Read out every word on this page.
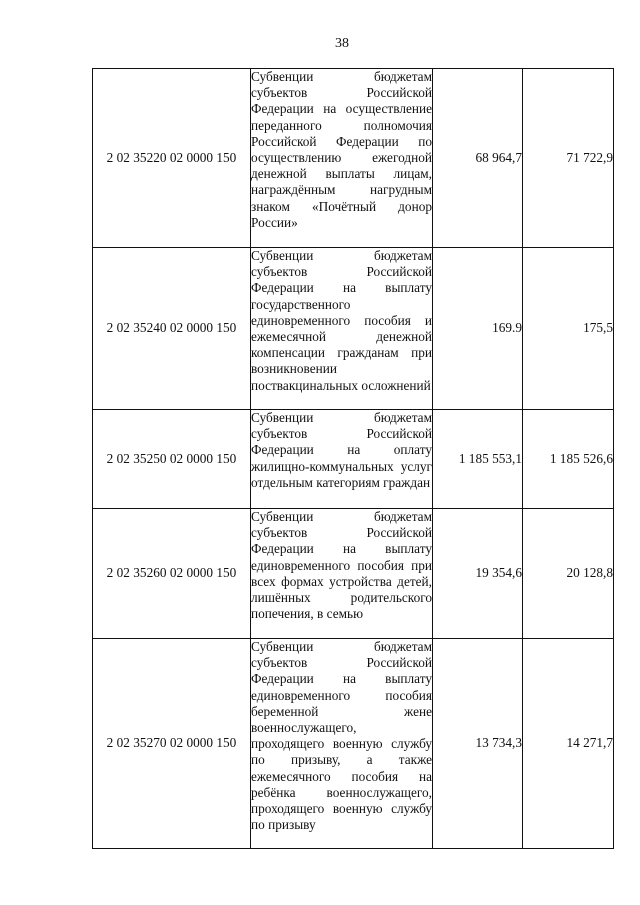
38
2 02 35220 02 0000 150	Субвенции бюджетам субъектов Российской Федерации на осуществление переданного полномочия Российской Федерации по осуществлению ежегодной денежной выплаты лицам, награждённым нагрудным знаком «Почётный донор России»	68 964,7	71 722,9
2 02 35240 02 0000 150	Субвенции бюджетам субъектов Российской Федерации на выплату государственного единовременного пособия и ежемесячной денежной компенсации гражданам при возникновении поствакцинальных осложнений	169.9	175,5
2 02 35250 02 0000 150	Субвенции бюджетам субъектов Российской Федерации на оплату жилищно-коммунальных услуг отдельным категориям граждан	1 185 553,1	1 185 526,6
2 02 35260 02 0000 150	Субвенции бюджетам субъектов Российской Федерации на выплату единовременного пособия при всех формах устройства детей, лишённых родительского попечения, в семью	19 354,6	20 128,8
2 02 35270 02 0000 150	Субвенции бюджетам субъектов Российской Федерации на выплату единовременного пособия беременной жене военнослужащего, проходящего военную службу по призыву, а также ежемесячного пособия на ребёнка военнослужащего, проходящего военную службу по призыву	13 734,3	14 271,7
